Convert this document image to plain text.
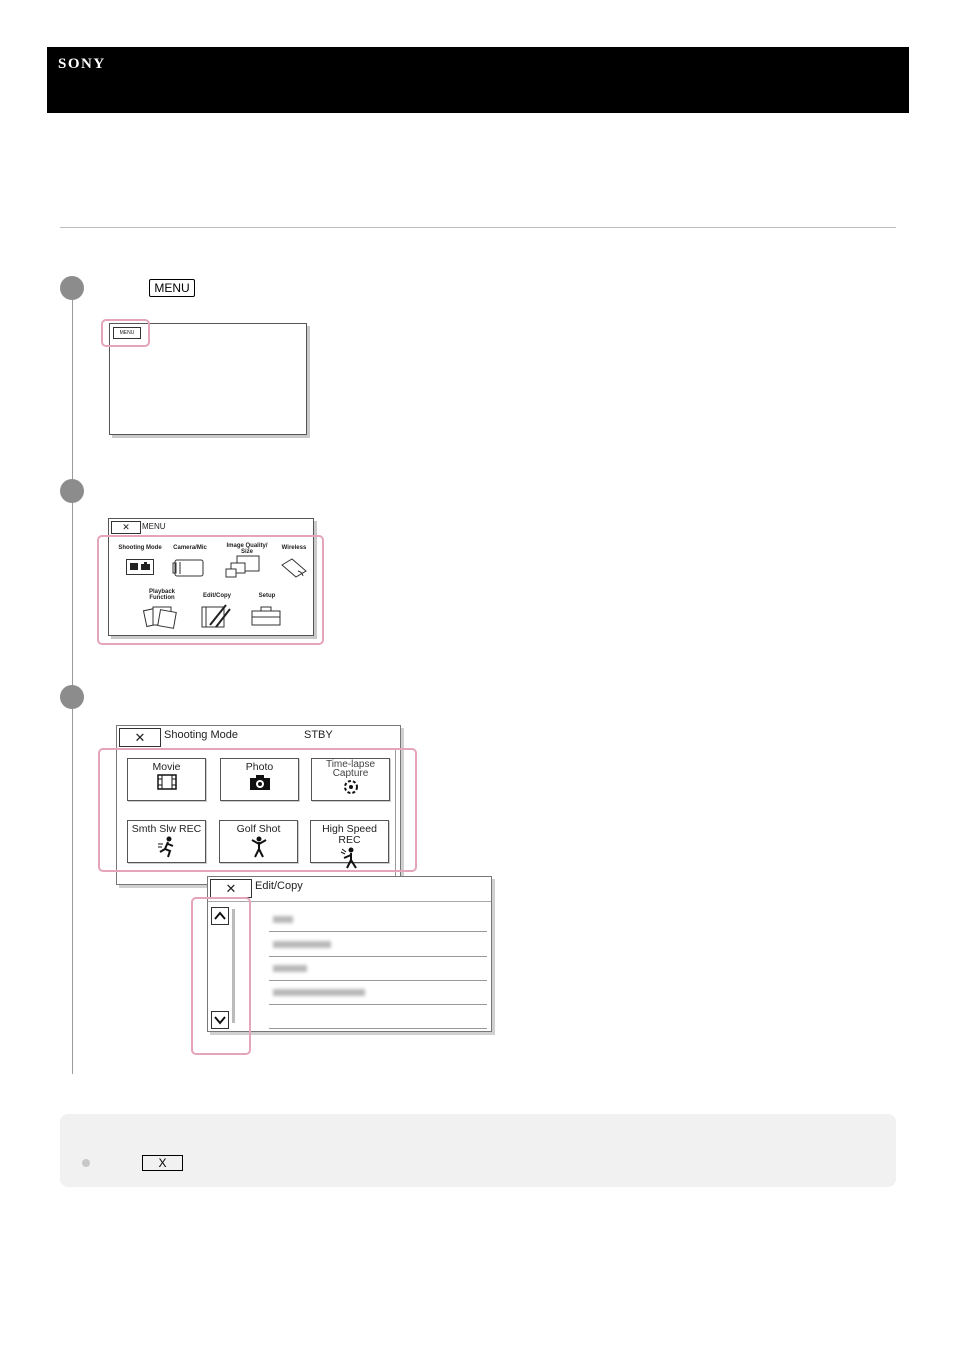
SONY
MENU
MENU
✕	MENU
Shooting Mode	Camera/Mic	Image Quality/
Size
Wireless
Playback
Function	Edit/Copy	Setup
✕	Shooting Mode	STBY
Movie	Photo	Time-lapse
Capture
Smth Slw REC	Golf Shot	High Speed REC
✕	Edit/Copy
X
